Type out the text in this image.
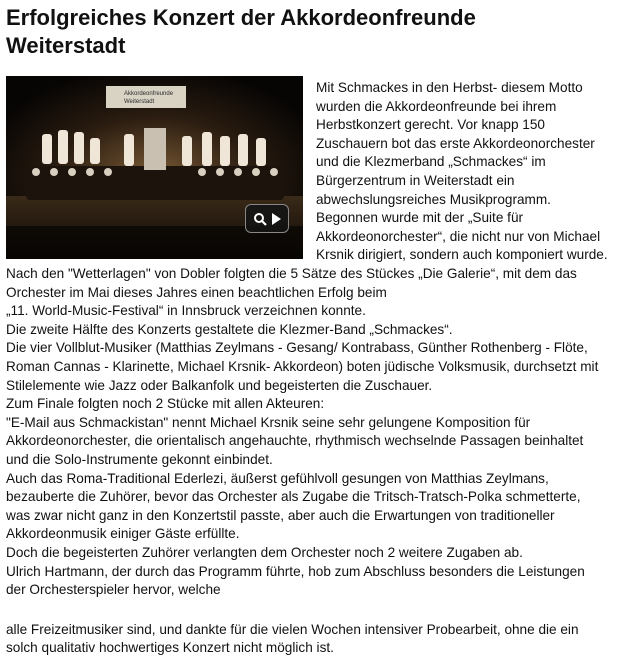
Erfolgreiches Konzert der Akkordeonfreunde
Weiterstadt
Akkordeonfreunde
Weiterstadt
Mit Schmackes in den Herbst- diesem Motto
wurden die Akkordeonfreunde bei ihrem
Herbstkonzert gerecht. Vor knapp 150
Zuschauern bot das erste Akkordeonorchester
und die Klezmerband „Schmackes“ im
Bürgerzentrum in Weiterstadt ein
abwechslungsreiches Musikprogramm.
Begonnen wurde mit der „Suite für
Akkordeonorchester“, die nicht nur von Michael
Krsnik dirigiert, sondern auch komponiert wurde.
Nach den "Wetterlagen" von Dobler folgten die 5 Sätze des Stückes „Die Galerie“, mit dem das
Orchester im Mai dieses Jahres einen beachtlichen Erfolg beim
„11. World-Music-Festival“ in Innsbruck verzeichnen konnte.
Die zweite Hälfte des Konzerts gestaltete die Klezmer-Band „Schmackes“.
Die vier Vollblut-Musiker (Matthias Zeylmans - Gesang/ Kontrabass, Günther Rothenberg - Flöte,
Roman Cannas - Klarinette, Michael Krsnik- Akkordeon) boten jüdische Volksmusik, durchsetzt mit
Stilelemente wie Jazz oder Balkanfolk und begeisterten die Zuschauer.
Zum Finale folgten noch 2 Stücke mit allen Akteuren:
"E-Mail aus Schmackistan" nennt Michael Krsnik seine sehr gelungene Komposition für
Akkordeonorchester, die orientalisch angehauchte, rhythmisch wechselnde Passagen beinhaltet
und die Solo-Instrumente gekonnt einbindet.
Auch das Roma-Traditional Ederlezi, äußerst gefühlvoll gesungen von Matthias Zeylmans,
bezauberte die Zuhörer, bevor das Orchester als Zugabe die Tritsch-Tratsch-Polka schmetterte,
was zwar nicht ganz in den Konzertstil passte, aber auch die Erwartungen von traditioneller
Akkordeonmusik einiger Gäste erfüllte.
Doch die begeisterten Zuhörer verlangten dem Orchester noch 2 weitere Zugaben ab.
Ulrich Hartmann, der durch das Programm führte, hob zum Abschluss besonders die Leistungen
der Orchesterspieler hervor, welche
alle Freizeitmusiker sind, und dankte für die vielen Wochen intensiver Probearbeit, ohne die ein
solch qualitativ hochwertiges Konzert nicht möglich ist.
